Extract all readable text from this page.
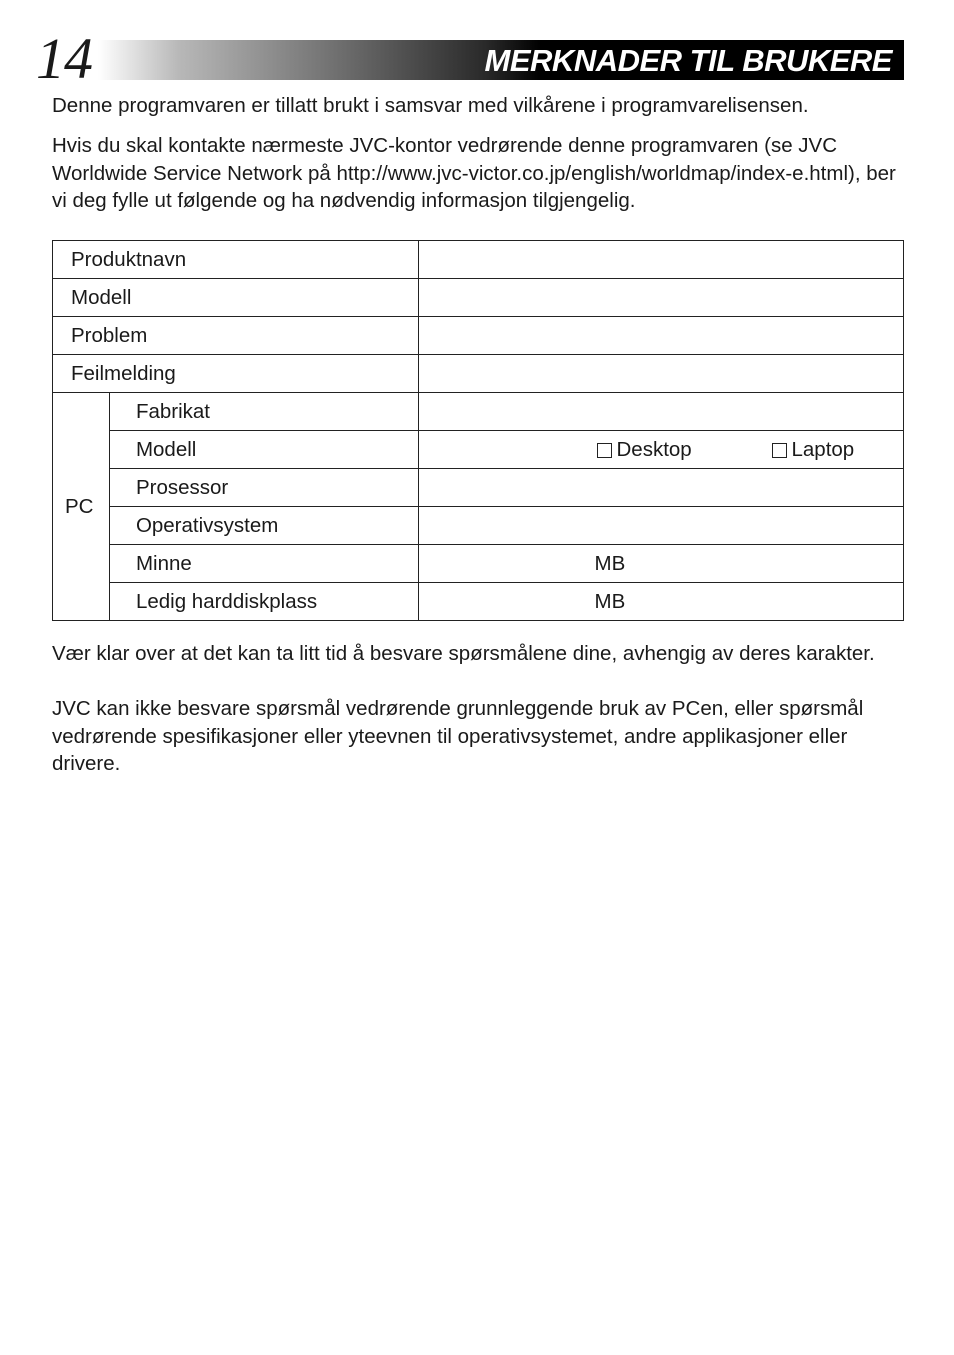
14	MERKNADER TIL BRUKERE

Denne programvaren er tillatt brukt i samsvar med vilkårene i programvarelisensen.

Hvis du skal kontakte nærmeste JVC-kontor vedrørende denne programvaren (se JVC Worldwide Service Network på http://www.jvc-victor.co.jp/english/worldmap/index-e.html), ber vi deg fylle ut følgende og ha nødvendig informasjon tilgjengelig.

Produktnavn		
Modell		
Problem		
Feilmelding		
PC	Fabrikat	
	Modell	Desktop Laptop

	Prosessor	
	Operativsystem	
	Minne	MB

	Ledig harddiskplass	MB

Vær klar over at det kan ta litt tid å besvare spørsmålene dine, avhengig av deres karakter.

JVC kan ikke besvare spørsmål vedrørende grunnleggende bruk av PCen, eller spørsmål vedrørende spesifikasjoner eller yteevnen til operativsystemet, andre applikasjoner eller drivere.
